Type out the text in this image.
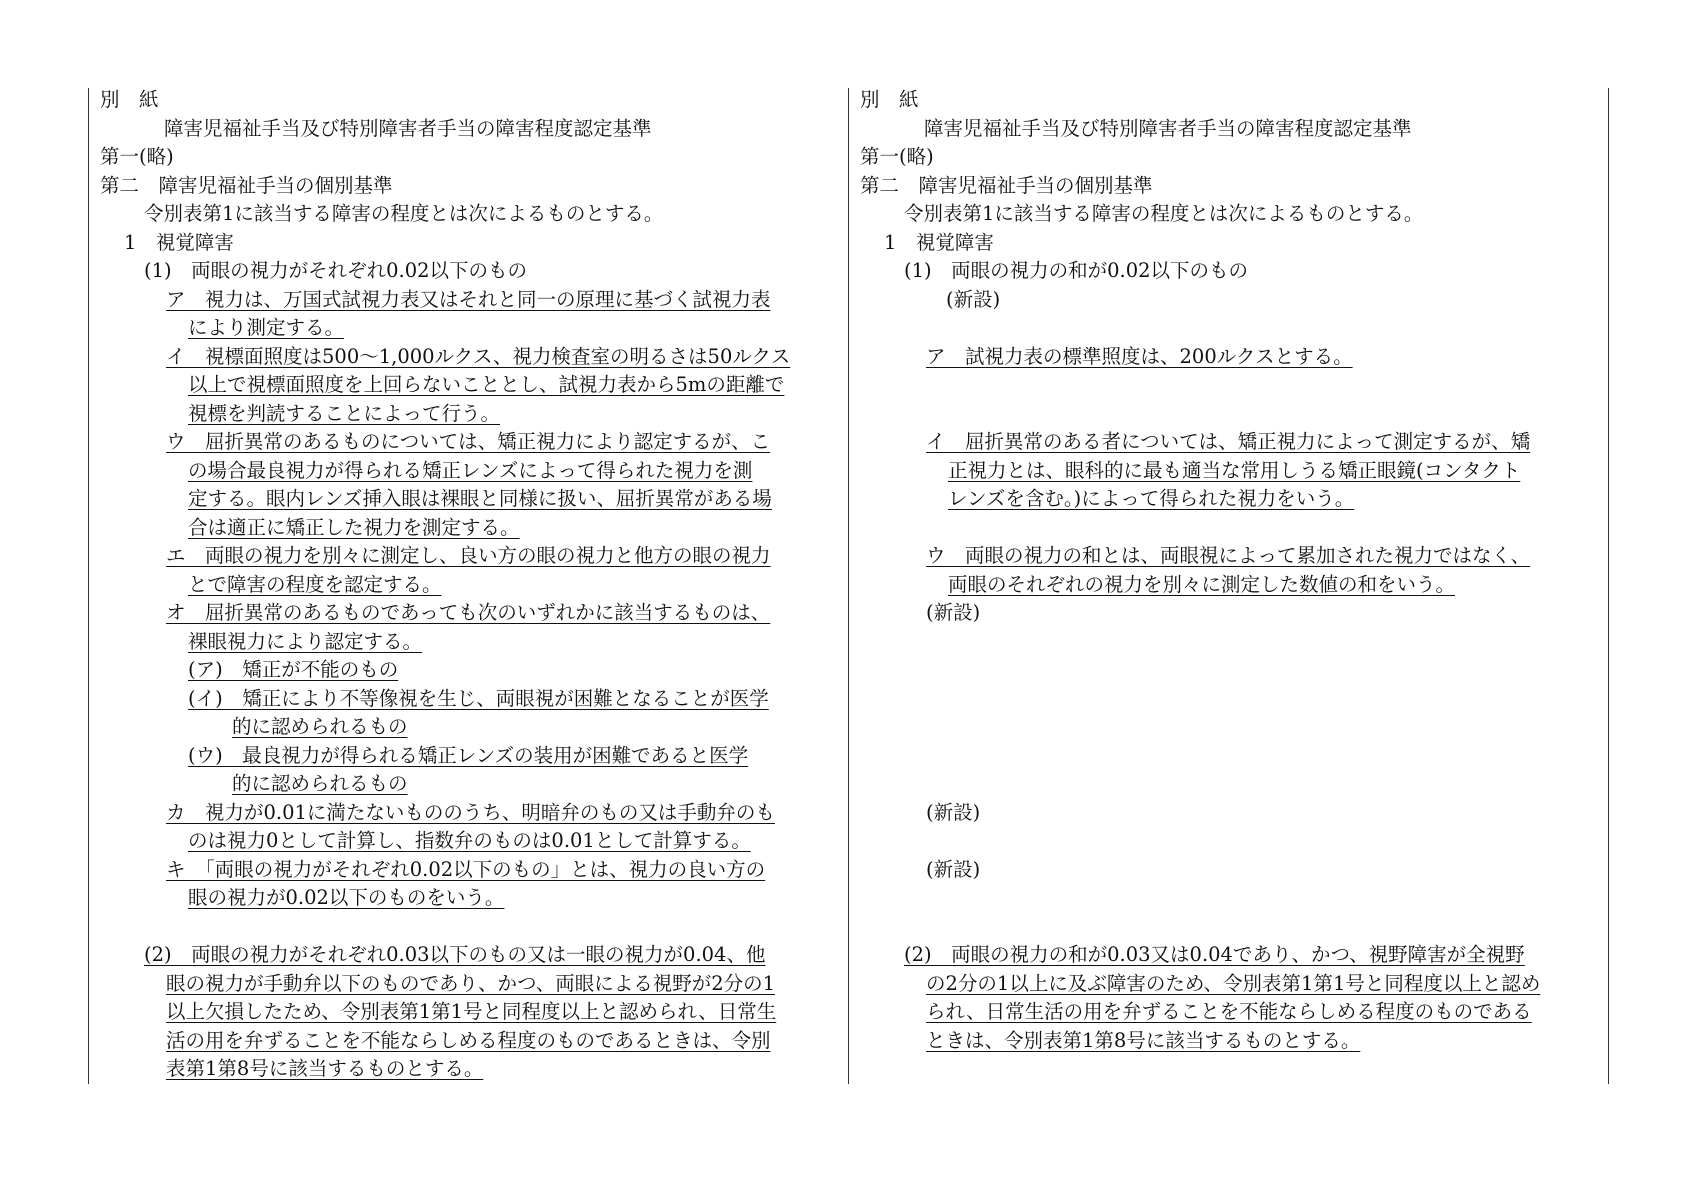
別　紙
障害児福祉手当及び特別障害者手当の障害程度認定基準
第一(略)
第二　障害児福祉手当の個別基準
令別表第1に該当する障害の程度とは次によるものとする。
1　視覚障害
(1)　両眼の視力がそれぞれ0.02以下のもの
ア　視力は、万国式試視力表又はそれと同一の原理に基づく試視力表
により測定する。
イ　視標面照度は500〜1,000ルクス、視力検査室の明るさは50ルクス
以上で視標面照度を上回らないこととし、試視力表から5mの距離で
視標を判読することによって行う。
ウ　屈折異常のあるものについては、矯正視力により認定するが、こ
の場合最良視力が得られる矯正レンズによって得られた視力を測
定する。眼内レンズ挿入眼は裸眼と同様に扱い、屈折異常がある場
合は適正に矯正した視力を測定する。
エ　両眼の視力を別々に測定し、良い方の眼の視力と他方の眼の視力
とで障害の程度を認定する。
オ　屈折異常のあるものであっても次のいずれかに該当するものは、
裸眼視力により認定する。
(ア)　矯正が不能のもの
(イ)　矯正により不等像視を生じ、両眼視が困難となることが医学
的に認められるもの
(ウ)　最良視力が得られる矯正レンズの装用が困難であると医学
的に認められるもの
カ　視力が0.01に満たないもののうち、明暗弁のもの又は手動弁のも
のは視力0として計算し、指数弁のものは0.01として計算する。
キ　「両眼の視力がそれぞれ0.02以下のもの」とは、視力の良い方の
眼の視力が0.02以下のものをいう。
(2)　両眼の視力がそれぞれ0.03以下のもの又は一眼の視力が0.04、他
眼の視力が手動弁以下のものであり、かつ、両眼による視野が2分の1
以上欠損したため、令別表第1第1号と同程度以上と認められ、日常生
活の用を弁ずることを不能ならしめる程度のものであるときは、令別
表第1第8号に該当するものとする。
別　紙
障害児福祉手当及び特別障害者手当の障害程度認定基準
第一(略)
第二　障害児福祉手当の個別基準
令別表第1に該当する障害の程度とは次によるものとする。
1　視覚障害
(1)　両眼の視力の和が0.02以下のもの
(新設)
ア　試視力表の標準照度は、200ルクスとする。
イ　屈折異常のある者については、矯正視力によって測定するが、矯
正視力とは、眼科的に最も適当な常用しうる矯正眼鏡(コンタクト
レンズを含む。)によって得られた視力をいう。
ウ　両眼の視力の和とは、両眼視によって累加された視力ではなく、
両眼のそれぞれの視力を別々に測定した数値の和をいう。
(新設)
(新設)
(新設)
(2)　両眼の視力の和が0.03又は0.04であり、かつ、視野障害が全視野
の2分の1以上に及ぶ障害のため、令別表第1第1号と同程度以上と認め
られ、日常生活の用を弁ずることを不能ならしめる程度のものである
ときは、令別表第1第8号に該当するものとする。
